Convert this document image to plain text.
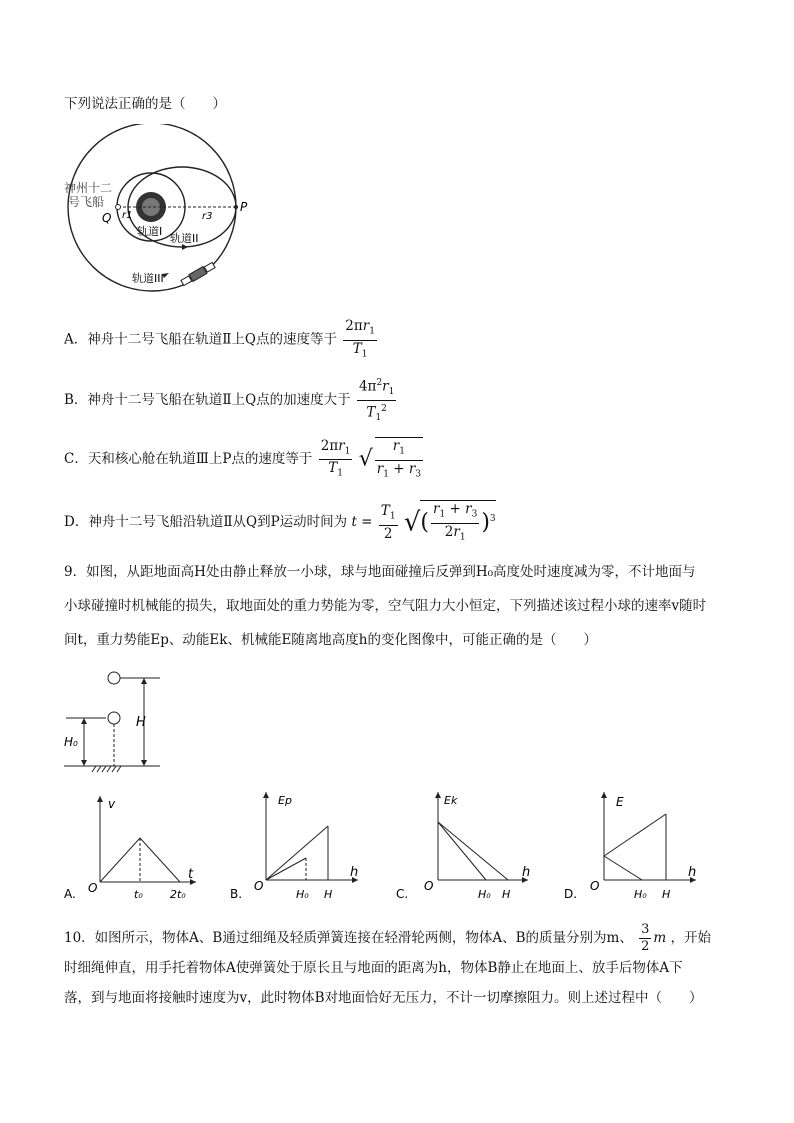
下列说法正确的是（　　）
神州十二
号飞船
Q
P
r1	r3
轨道I
轨道II
轨道III
A．神舟十二号飞船在轨道Ⅱ上Q点的速度等于 $\frac{2\pi r_1}{T_1}$
B．神舟十二号飞船在轨道Ⅱ上Q点的加速度大于 $\frac{4\pi^2r_1}{T_1^2}$
C．天和核心舱在轨道Ⅲ上P点的速度等于 $\frac{2\pi r_1}{T_1}$ √ $\frac{r_1}{r_1 + r_3}$
D．神舟十二号飞船沿轨道Ⅱ从Q到P运动时间为 $t = \frac{T_1}{2}$ √( $\frac{r_1 + r_3}{2r_1} )^3$
9．如图，从距地面高H处由静止释放一小球，球与地面碰撞后反弹到H₀高度处时速度减为零，不计地面与
小球碰撞时机械能的损失，取地面处的重力势能为零，空气阻力大小恒定，下列描述该过程小球的速率v随时
间t，重力势能Ep、动能Ek、机械能E随离地高度h的变化图像中，可能正确的是（　　）
H
H₀
A.
v
t
O	t₀ 2t₀	B.
Ep
h
O
H₀ H	C.
Ek
h
O
H₀ H	D.
E
h
O
H₀ H
10．如图所示，物体A、B通过细绳及轻质弹簧连接在轻滑轮两侧，物体A、B的质量分别为m、 $\frac{3}{2}$ m ，开始
时细绳伸直，用手托着物体A使弹簧处于原长且与地面的距离为h，物体B静止在地面上、放手后物体A下
落，到与地面将接触时速度为v，此时物体B对地面恰好无压力，不计一切摩擦阻力。则上述过程中（　　）
